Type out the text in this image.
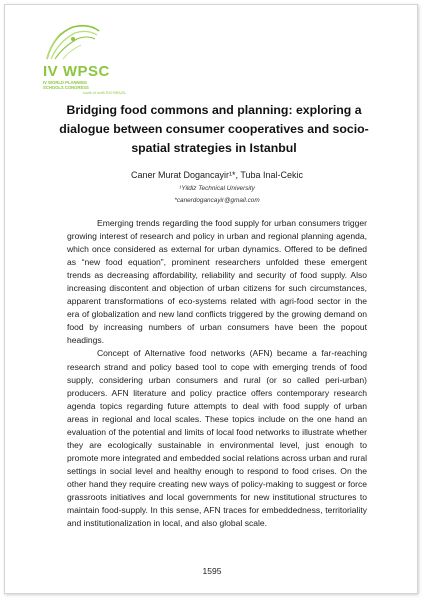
IV WPSC
IV WORLD PLANNING SCHOOLS CONGRESS
south of north RIO BRAZIL
Bridging food commons and planning: exploring a dialogue between consumer cooperatives and socio-spatial strategies in Istanbul
Caner Murat Dogancayir¹*, Tuba Inal-Cekic
¹Yildiz Technical University
*canerdogancayir@gmail.com

Emerging trends regarding the food supply for urban consumers trigger growing interest of research and policy in urban and regional planning agenda, which once considered as external for urban dynamics. Offered to be defined as “new food equation”, prominent researchers unfolded these emergent trends as decreasing affordability, reliability and security of food supply. Also increasing discontent and objection of urban citizens for such circumstances, apparent transformations of eco-systems related with agri-food sector in the era of globalization and new land conflicts triggered by the growing demand on food by increasing numbers of urban consumers have been the popout headings.

Concept of Alternative food networks (AFN) became a far-reaching research strand and policy based tool to cope with emerging trends of food supply, considering urban consumers and rural (or so called peri-urban) producers. AFN literature and policy practice offers contemporary research agenda topics regarding future attempts to deal with food supply of urban areas in regional and local scales. These topics include on the one hand an evaluation of the potential and limits of local food networks to illustrate whether they are ecologically sustainable in environmental level, just enough to promote more integrated and embedded social relations across urban and rural settings in social level and healthy enough to respond to food crises. On the other hand they require creating new ways of policy-making to suggest or force grassroots initiatives and local governments for new institutional structures to maintain food-supply. In this sense, AFN traces for embeddedness, territoriality and institutionalization in local, and also global scale.

1595
